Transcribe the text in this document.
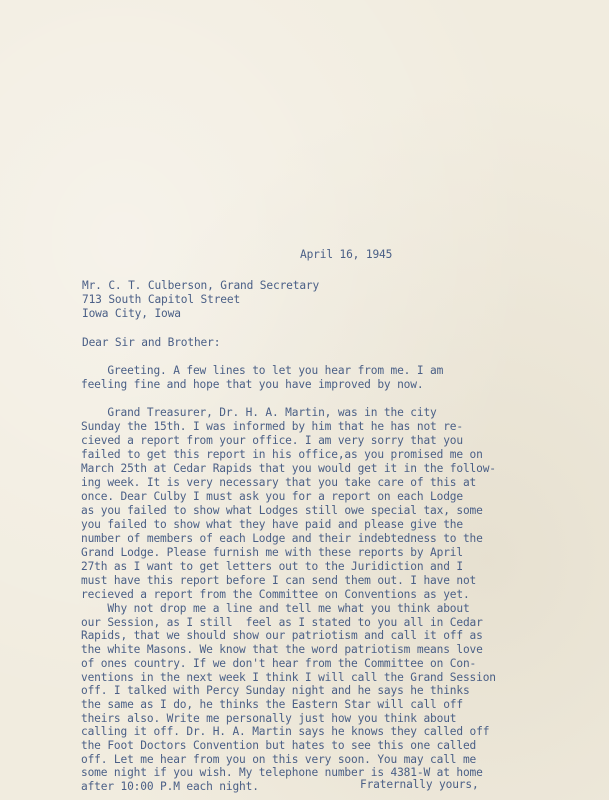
April 16, 1945
Mr. C. T. Culberson, Grand Secretary
713 South Capitol Street
Iowa City, Iowa
Dear Sir and Brother:
Greeting. A few lines to let you hear from me. I am
feeling fine and hope that you have improved by now.
Grand Treasurer, Dr. H. A. Martin, was in the city
Sunday the 15th. I was informed by him that he has not re-
cieved a report from your office. I am very sorry that you
failed to get this report in his office,as you promised me on
March 25th at Cedar Rapids that you would get it in the follow-
ing week. It is very necessary that you take care of this at
once. Dear Culby I must ask you for a report on each Lodge
as you failed to show what Lodges still owe special tax, some
you failed to show what they have paid and please give the
number of members of each Lodge and their indebtedness to the
Grand Lodge. Please furnish me with these reports by April
27th as I want to get letters out to the Juridiction and I
must have this report before I can send them out. I have not
recieved a report from the Committee on Conventions as yet.
Why not drop me a line and tell me what you think about
our Session, as I still  feel as I stated to you all in Cedar
Rapids, that we should show our patriotism and call it off as
the white Masons. We know that the word patriotism means love
of ones country. If we don't hear from the Committee on Con-
ventions in the next week I think I will call the Grand Session
off. I talked with Percy Sunday night and he says he thinks
the same as I do, he thinks the Eastern Star will call off
theirs also. Write me personally just how you think about
calling it off. Dr. H. A. Martin says he knows they called off
the Foot Doctors Convention but hates to see this one called
off. Let me hear from you on this very soon. You may call me
some night if you wish. My telephone number is 4381-W at home
after 10:00 P.M each night.	Fraternally yours,
